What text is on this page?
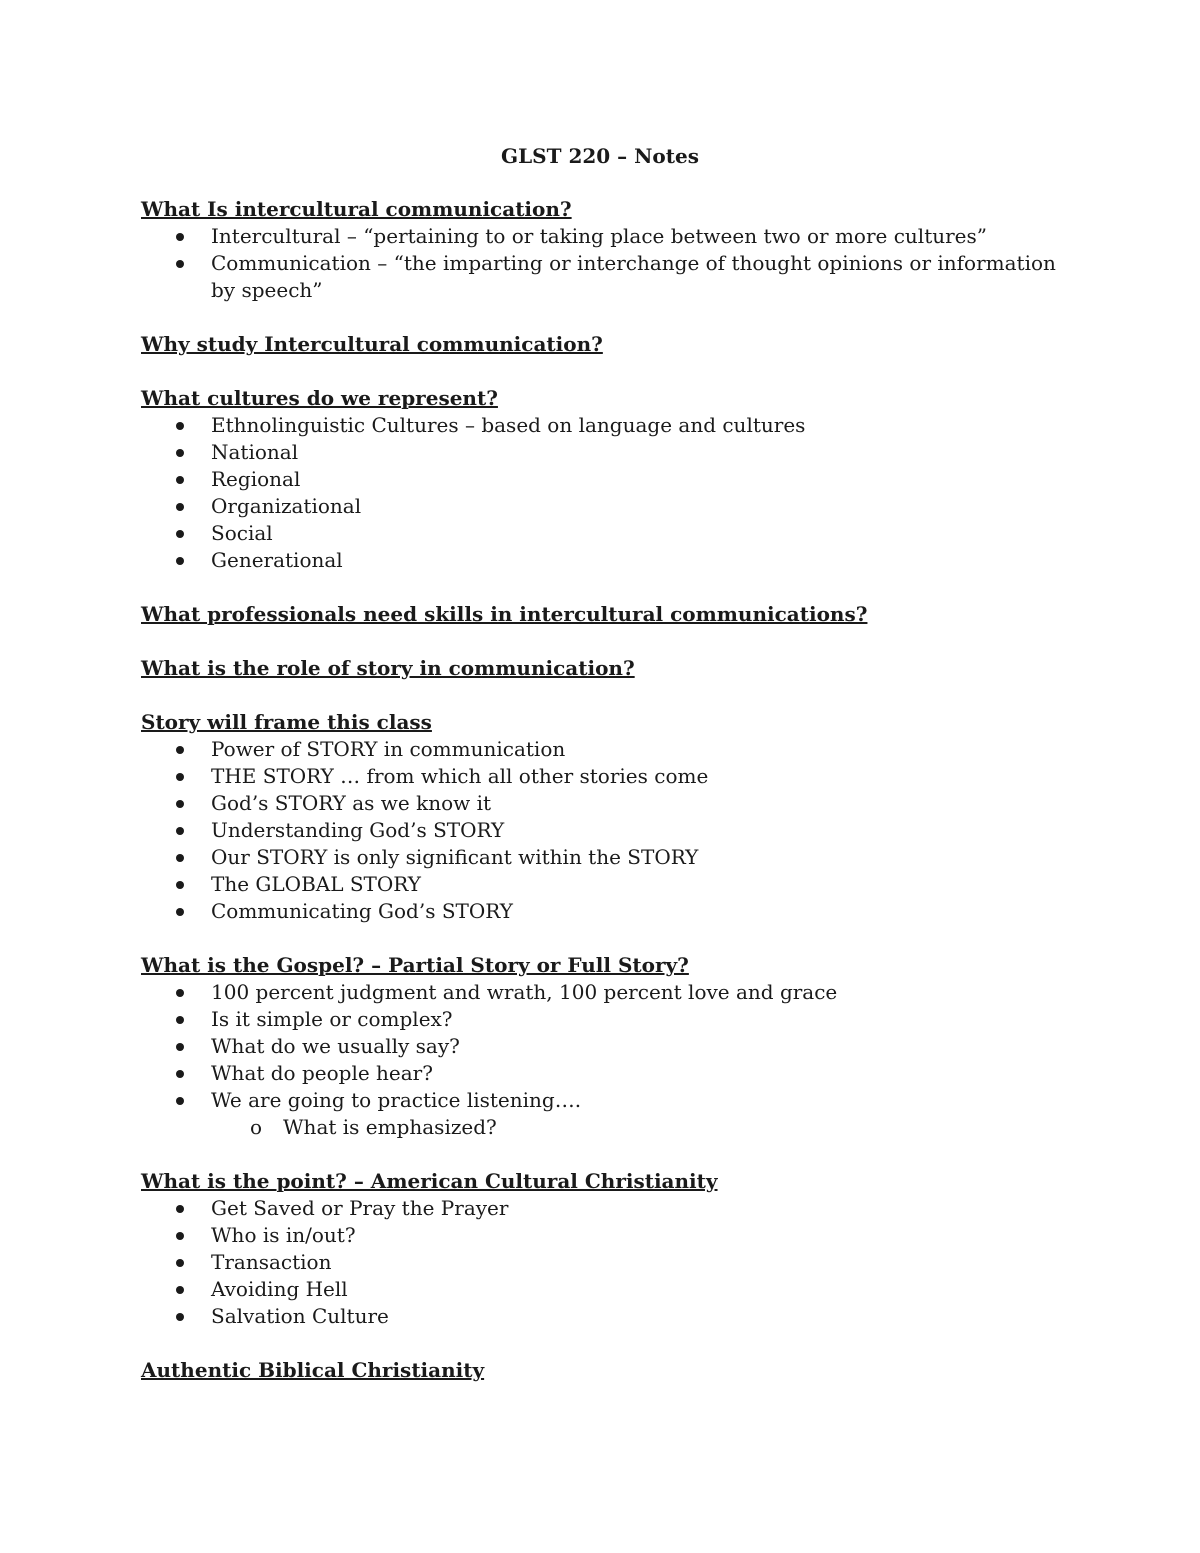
GLST 220 – Notes
What Is intercultural communication?
Intercultural – “pertaining to or taking place between two or more cultures”
Communication – “the imparting or interchange of thought opinions or information by speech”
Why study Intercultural communication?
What cultures do we represent?
Ethnolinguistic Cultures – based on language and cultures
National
Regional
Organizational
Social
Generational
What professionals need skills in intercultural communications?
What is the role of story in communication?
Story will frame this class
Power of STORY in communication
THE STORY … from which all other stories come
God’s STORY as we know it
Understanding God’s STORY
Our STORY is only significant within the STORY
The GLOBAL STORY
Communicating God’s STORY
What is the Gospel? – Partial Story or Full Story?
100 percent judgment and wrath, 100 percent love and grace
Is it simple or complex?
What do we usually say?
What do people hear?
We are going to practice listening….
o What is emphasized?
What is the point? – American Cultural Christianity
Get Saved or Pray the Prayer
Who is in/out?
Transaction
Avoiding Hell
Salvation Culture
Authentic Biblical Christianity
